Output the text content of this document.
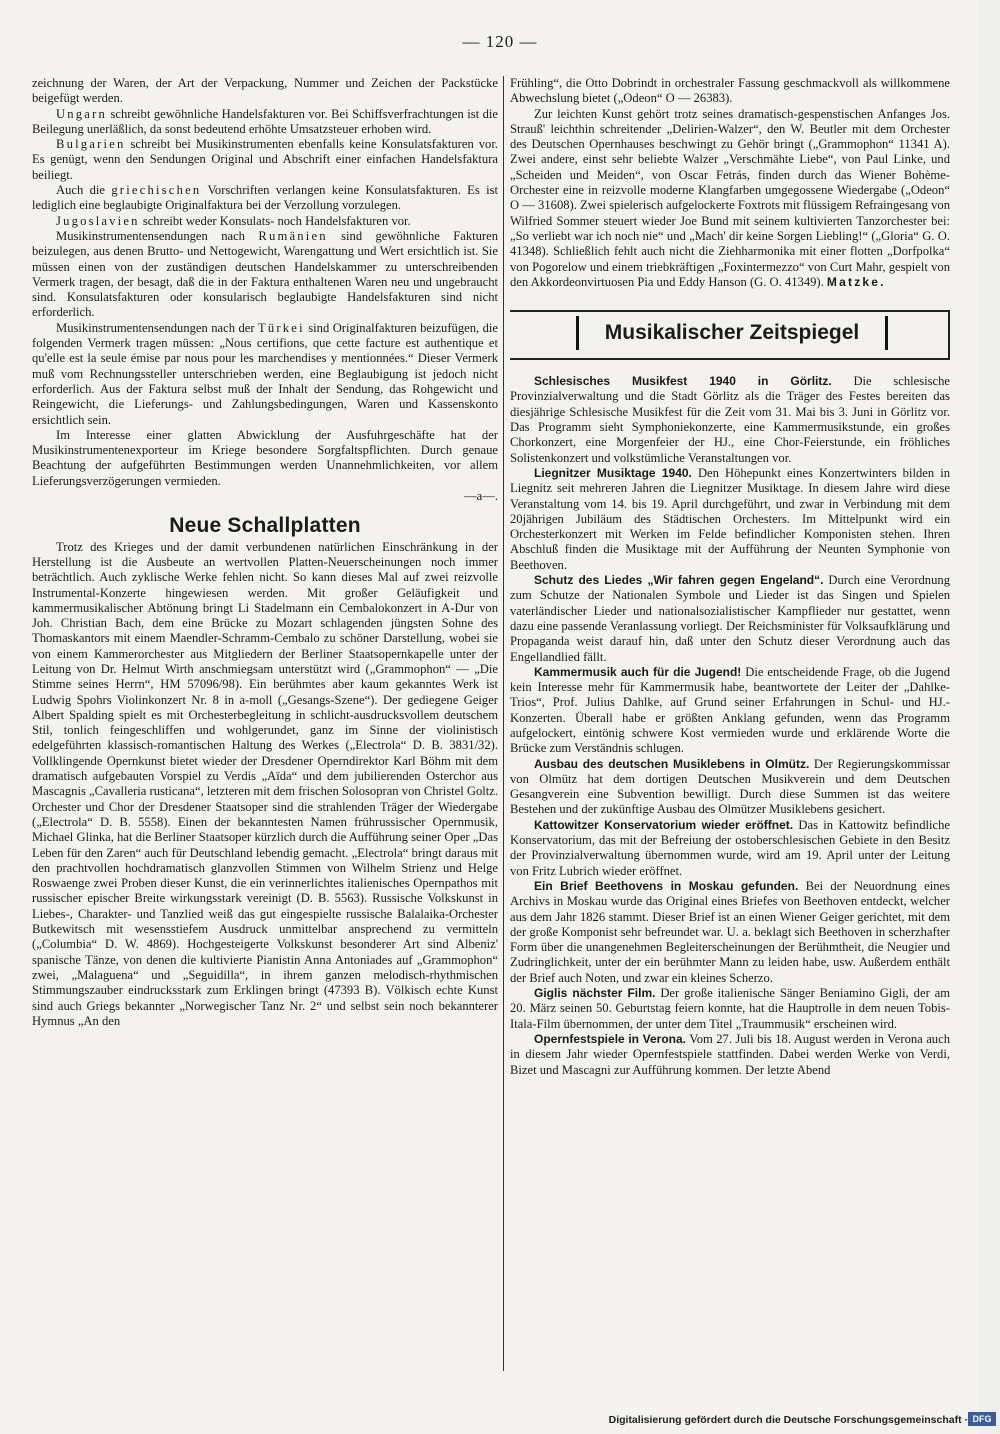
— 120 —

zeichnung der Waren, der Art der Verpackung, Nummer und Zeichen der Packstücke beigefügt werden.

Ungarn schreibt gewöhnliche Handelsfakturen vor. Bei Schiffsverfrachtungen ist die Beilegung unerläßlich, da sonst bedeutend erhöhte Umsatzsteuer erhoben wird.

Bulgarien schreibt bei Musikinstrumenten ebenfalls keine Konsulatsfakturen vor. Es genügt, wenn den Sendungen Original und Abschrift einer einfachen Handelsfaktura beiliegt.

Auch die griechischen Vorschriften verlangen keine Konsulatsfakturen. Es ist lediglich eine beglaubigte Originalfaktura bei der Verzollung vorzulegen.

Jugoslavien schreibt weder Konsulats- noch Handelsfakturen vor.

Musikinstrumentensendungen nach Rumänien sind gewöhnliche Fakturen beizulegen, aus denen Brutto- und Nettogewicht, Warengattung und Wert ersichtlich ist. Sie müssen einen von der zuständigen deutschen Handelskammer zu unterschreibenden Vermerk tragen, der besagt, daß die in der Faktura enthaltenen Waren neu und ungebraucht sind. Konsulatsfakturen oder konsularisch beglaubigte Handelsfakturen sind nicht erforderlich.

Musikinstrumentensendungen nach der Türkei sind Originalfakturen beizufügen, die folgenden Vermerk tragen müssen: „Nous certifions, que cette facture est authentique et qu'elle est la seule émise par nous pour les marchendises y mentionnées.“ Dieser Vermerk muß vom Rechnungssteller unterschrieben werden, eine Beglaubigung ist jedoch nicht erforderlich. Aus der Faktura selbst muß der Inhalt der Sendung, das Rohgewicht und Reingewicht, die Lieferungs- und Zahlungsbedingungen, Waren und Kassenskonto ersichtlich sein.

Im Interesse einer glatten Abwicklung der Ausfuhrgeschäfte hat der Musikinstrumentenexporteur im Kriege besondere Sorgfaltspflichten. Durch genaue Beachtung der aufgeführten Bestimmungen werden Unannehmlichkeiten, vor allem Lieferungsverzögerungen vermieden.
—a—.

Neue Schallplatten

Trotz des Krieges und der damit verbundenen natürlichen Einschränkung in der Herstellung ist die Ausbeute an wertvollen Platten-Neuerscheinungen noch immer beträchtlich. Auch zyklische Werke fehlen nicht. So kann dieses Mal auf zwei reizvolle Instrumental-Konzerte hingewiesen werden. Mit großer Geläufigkeit und kammermusikalischer Abtönung bringt Li Stadelmann ein Cembalokonzert in A-Dur von Joh. Christian Bach, dem eine Brücke zu Mozart schlagenden jüngsten Sohne des Thomaskantors mit einem Maendler-Schramm-Cembalo zu schöner Darstellung, wobei sie von einem Kammerorchester aus Mitgliedern der Berliner Staatsopernkapelle unter der Leitung von Dr. Helmut Wirth anschmiegsam unterstützt wird („Grammophon“ — „Die Stimme seines Herrn“, HM 57096/98). Ein berühmtes aber kaum gekanntes Werk ist Ludwig Spohrs Violinkonzert Nr. 8 in a-moll („Gesangs-Szene“). Der gediegene Geiger Albert Spalding spielt es mit Orchesterbegleitung in schlicht-ausdrucksvollem deutschem Stil, tonlich feingeschliffen und wohlgerundet, ganz im Sinne der violinistisch edelgeführten klassisch-romantischen Haltung des Werkes („Electrola“ D. B. 3831/32). Vollklingende Opernkunst bietet wieder der Dresdener Operndirektor Karl Böhm mit dem dramatisch aufgebauten Vorspiel zu Verdis „Aïda“ und dem jubilierenden Osterchor aus Mascagnis „Cavalleria rusticana“, letzteren mit dem frischen Solosopran von Christel Goltz. Orchester und Chor der Dresdener Staatsoper sind die strahlenden Träger der Wiedergabe („Electrola“ D. B. 5558). Einen der bekanntesten Namen frührussischer Opernmusik, Michael Glinka, hat die Berliner Staatsoper kürzlich durch die Aufführung seiner Oper „Das Leben für den Zaren“ auch für Deutschland lebendig gemacht. „Electrola“ bringt daraus mit den prachtvollen hochdramatisch glanzvollen Stimmen von Wilhelm Strienz und Helge Roswaenge zwei Proben dieser Kunst, die ein verinnerlichtes italienisches Opernpathos mit russischer epischer Breite wirkungsstark vereinigt (D. B. 5563). Russische Volkskunst in Liebes-, Charakter- und Tanzlied weiß das gut eingespielte russische Balalaika-Orchester Butkewitsch mit wesensstiefem Ausdruck unmittelbar ansprechend zu vermitteln („Columbia“ D. W. 4869). Hochgesteigerte Volkskunst besonderer Art sind Albeniz' spanische Tänze, von denen die kultivierte Pianistin Anna Antoniades auf „Grammophon“ zwei, „Malaguena“ und „Seguidilla“, in ihrem ganzen melodisch-rhythmischen Stimmungszauber eindrucksstark zum Erklingen bringt (47393 B). Völkisch echte Kunst sind auch Griegs bekannter „Norwegischer Tanz Nr. 2“ und selbst sein noch bekannterer Hymnus „An den

Frühling“, die Otto Dobrindt in orchestraler Fassung geschmackvoll als willkommene Abwechslung bietet („Odeon“ O — 26383).

Zur leichten Kunst gehört trotz seines dramatisch-gespenstischen Anfanges Jos. Strauß' leichthin schreitender „Delirien-Walzer“, den W. Beutler mit dem Orchester des Deutschen Opernhauses beschwingt zu Gehör bringt („Grammophon“ 11341 A). Zwei andere, einst sehr beliebte Walzer „Verschmähte Liebe“, von Paul Linke, und „Scheiden und Meiden“, von Oscar Fetrás, finden durch das Wiener Bohème-Orchester eine in reizvolle moderne Klangfarben umgegossene Wiedergabe („Odeon“ O — 31608). Zwei spielerisch aufgelockerte Foxtrots mit flüssigem Refraingesang von Wilfried Sommer steuert wieder Joe Bund mit seinem kultivierten Tanzorchester bei: „So verliebt war ich noch nie“ und „Mach' dir keine Sorgen Liebling!“ („Gloria“ G. O. 41348). Schließlich fehlt auch nicht die Ziehharmonika mit einer flotten „Dorfpolka“ von Pogorelow und einem triebkräftigen „Foxintermezzo“ von Curt Mahr, gespielt von den Akkordeonvirtuosen Pia und Eddy Hanson (G. O. 41349). Matzke.

Musikalischer Zeitspiegel

Schlesisches Musikfest 1940 in Görlitz. Die schlesische Provinzialverwaltung und die Stadt Görlitz als die Träger des Festes bereiten das diesjährige Schlesische Musikfest für die Zeit vom 31. Mai bis 3. Juni in Görlitz vor. Das Programm sieht Symphoniekonzerte, eine Kammermusikstunde, ein großes Chorkonzert, eine Morgenfeier der HJ., eine Chor-Feierstunde, ein fröhliches Solistenkonzert und volkstümliche Veranstaltungen vor.

Liegnitzer Musiktage 1940. Den Höhepunkt eines Konzertwinters bilden in Liegnitz seit mehreren Jahren die Liegnitzer Musiktage. In diesem Jahre wird diese Veranstaltung vom 14. bis 19. April durchgeführt, und zwar in Verbindung mit dem 20jährigen Jubiläum des Städtischen Orchesters. Im Mittelpunkt wird ein Orchesterkonzert mit Werken im Felde befindlicher Komponisten stehen. Ihren Abschluß finden die Musiktage mit der Aufführung der Neunten Symphonie von Beethoven.

Schutz des Liedes „Wir fahren gegen Engeland“. Durch eine Verordnung zum Schutze der Nationalen Symbole und Lieder ist das Singen und Spielen vaterländischer Lieder und nationalsozialistischer Kampflieder nur gestattet, wenn dazu eine passende Veranlassung vorliegt. Der Reichsminister für Volksaufklärung und Propaganda weist darauf hin, daß unter den Schutz dieser Verordnung auch das Engellandlied fällt.

Kammermusik auch für die Jugend! Die entscheidende Frage, ob die Jugend kein Interesse mehr für Kammermusik habe, beantwortete der Leiter der „Dahlke-Trios“, Prof. Julius Dahlke, auf Grund seiner Erfahrungen in Schul- und HJ.-Konzerten. Überall habe er größten Anklang gefunden, wenn das Programm aufgelockert, eintönig schwere Kost vermieden wurde und erklärende Worte die Brücke zum Verständnis schlugen.

Ausbau des deutschen Musiklebens in Olmütz. Der Regierungskommissar von Olmütz hat dem dortigen Deutschen Musikverein und dem Deutschen Gesangverein eine Subvention bewilligt. Durch diese Summen ist das weitere Bestehen und der zukünftige Ausbau des Olmützer Musiklebens gesichert.

Kattowitzer Konservatorium wieder eröffnet. Das in Kattowitz befindliche Konservatorium, das mit der Befreiung der ostoberschlesischen Gebiete in den Besitz der Provinzialverwaltung übernommen wurde, wird am 19. April unter der Leitung von Fritz Lubrich wieder eröffnet.

Ein Brief Beethovens in Moskau gefunden. Bei der Neuordnung eines Archivs in Moskau wurde das Original eines Briefes von Beethoven entdeckt, welcher aus dem Jahr 1826 stammt. Dieser Brief ist an einen Wiener Geiger gerichtet, mit dem der große Komponist sehr befreundet war. U. a. beklagt sich Beethoven in scherzhafter Form über die unangenehmen Begleiterscheinungen der Berühmtheit, die Neugier und Zudringlichkeit, unter der ein berühmter Mann zu leiden habe, usw. Außerdem enthält der Brief auch Noten, und zwar ein kleines Scherzo.

Giglis nächster Film. Der große italienische Sänger Beniamino Gigli, der am 20. März seinen 50. Geburtstag feiern konnte, hat die Hauptrolle in dem neuen Tobis-Itala-Film übernommen, der unter dem Titel „Traummusik“ erscheinen wird.

Opernfestspiele in Verona. Vom 27. Juli bis 18. August werden in Verona auch in diesem Jahr wieder Opernfestspiele stattfinden. Dabei werden Werke von Verdi, Bizet und Mascagni zur Aufführung kommen. Der letzte Abend

Digitalisierung gefördert durch die Deutsche Forschungsgemeinschaft · DFG
